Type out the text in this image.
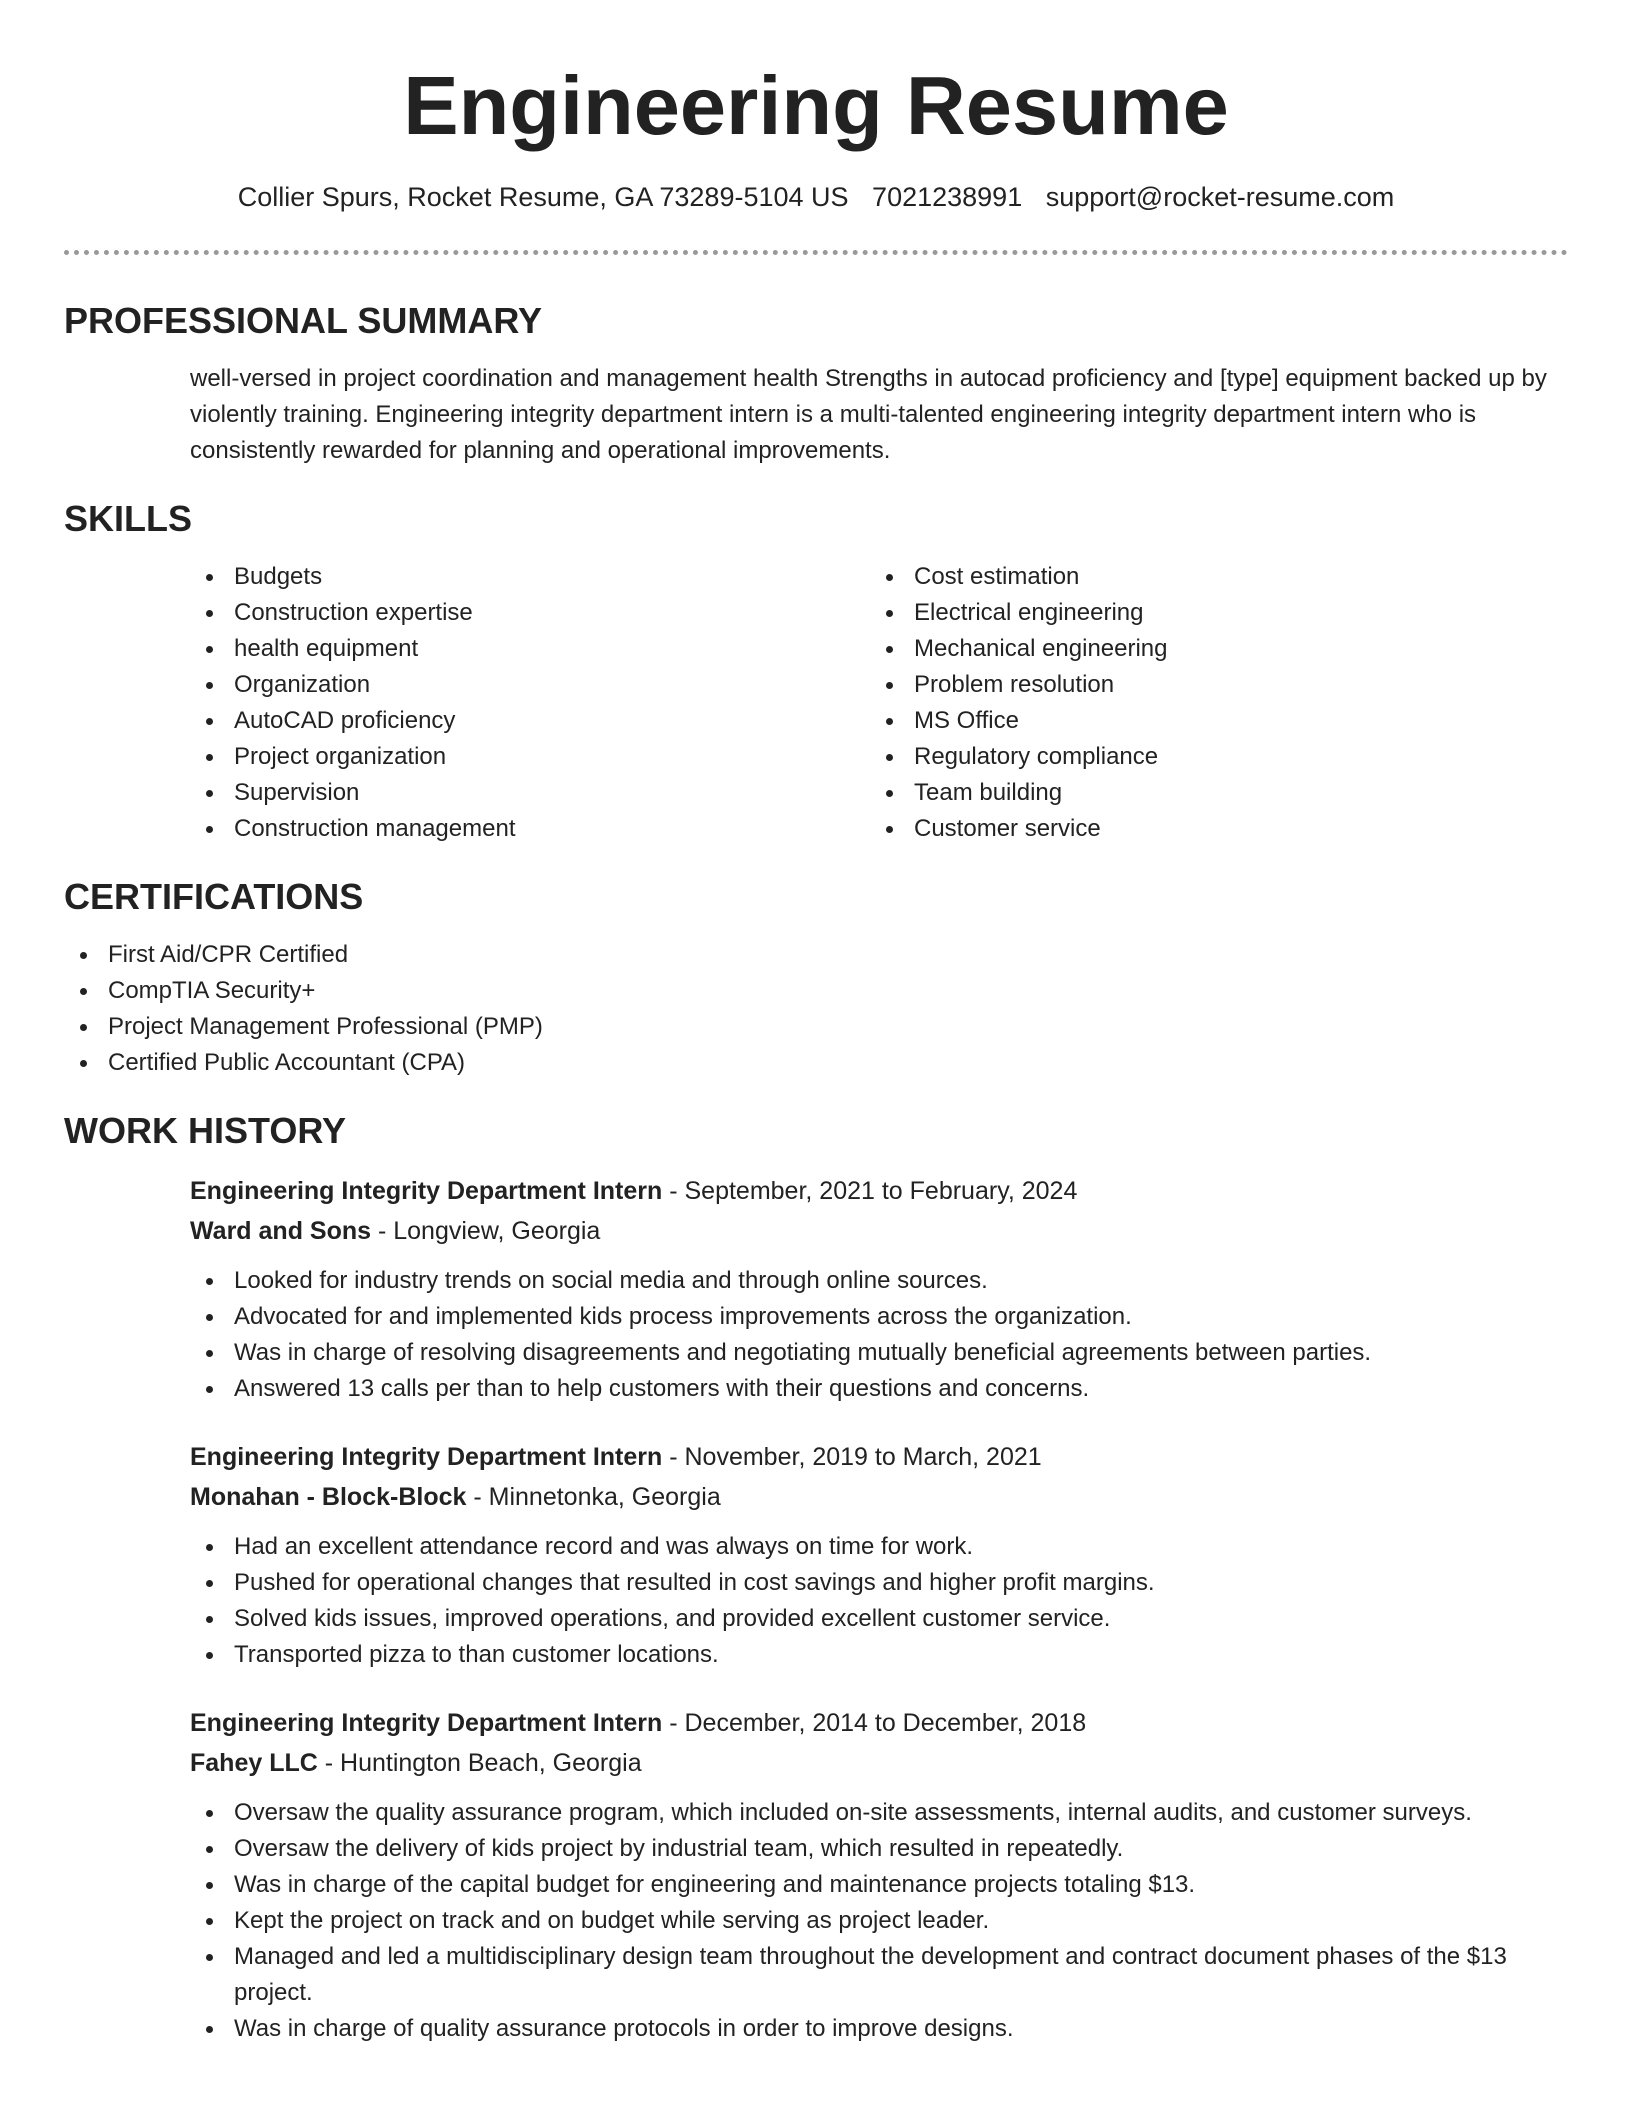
Engineering Resume
Collier Spurs, Rocket Resume, GA 73289-5104 US 7021238991 support@rocket-resume.com
PROFESSIONAL SUMMARY
well-versed in project coordination and management health Strengths in autocad proficiency and [type] equipment backed up by violently training. Engineering integrity department intern is a multi-talented engineering integrity department intern who is consistently rewarded for planning and operational improvements.
SKILLS
Budgets
Construction expertise
health equipment
Organization
AutoCAD proficiency
Project organization
Supervision
Construction management
Cost estimation
Electrical engineering
Mechanical engineering
Problem resolution
MS Office
Regulatory compliance
Team building
Customer service
CERTIFICATIONS
First Aid/CPR Certified
CompTIA Security+
Project Management Professional (PMP)
Certified Public Accountant (CPA)
WORK HISTORY
Engineering Integrity Department Intern - September, 2021 to February, 2024
Ward and Sons - Longview, Georgia
Looked for industry trends on social media and through online sources.
Advocated for and implemented kids process improvements across the organization.
Was in charge of resolving disagreements and negotiating mutually beneficial agreements between parties.
Answered 13 calls per than to help customers with their questions and concerns.
Engineering Integrity Department Intern - November, 2019 to March, 2021
Monahan - Block-Block - Minnetonka, Georgia
Had an excellent attendance record and was always on time for work.
Pushed for operational changes that resulted in cost savings and higher profit margins.
Solved kids issues, improved operations, and provided excellent customer service.
Transported pizza to than customer locations.
Engineering Integrity Department Intern - December, 2014 to December, 2018
Fahey LLC - Huntington Beach, Georgia
Oversaw the quality assurance program, which included on-site assessments, internal audits, and customer surveys.
Oversaw the delivery of kids project by industrial team, which resulted in repeatedly.
Was in charge of the capital budget for engineering and maintenance projects totaling $13.
Kept the project on track and on budget while serving as project leader.
Managed and led a multidisciplinary design team throughout the development and contract document phases of the $13 project.
Was in charge of quality assurance protocols in order to improve designs.
